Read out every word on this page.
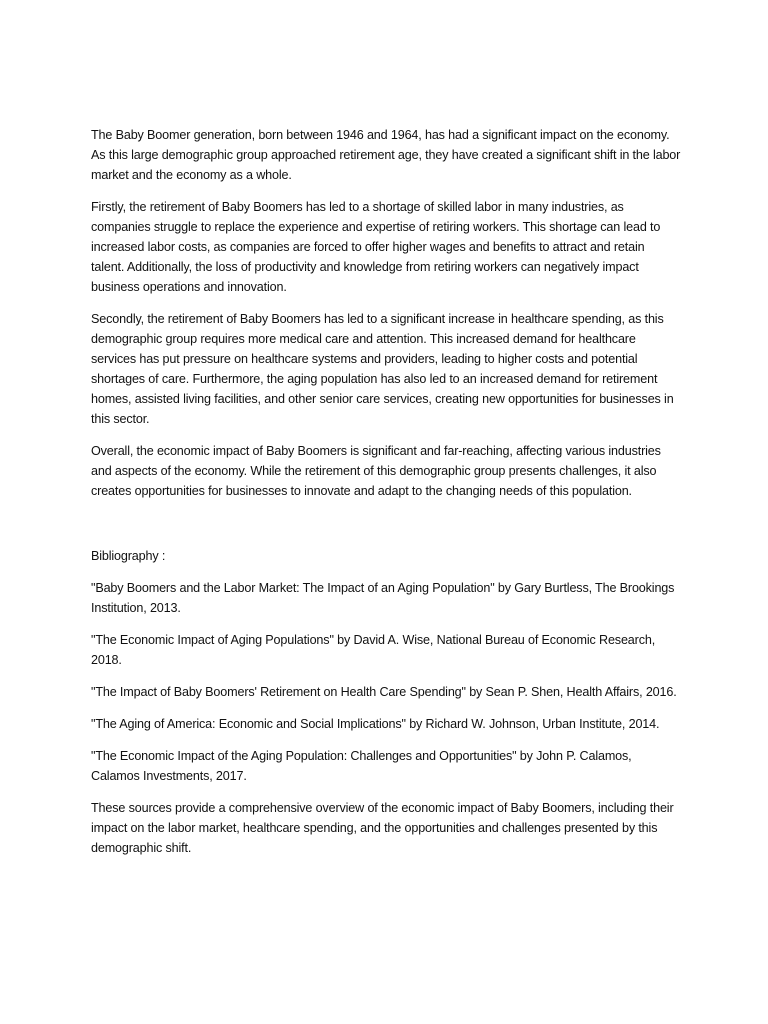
The Baby Boomer generation, born between 1946 and 1964, has had a significant impact on the economy. As this large demographic group approached retirement age, they have created a significant shift in the labor market and the economy as a whole.

Firstly, the retirement of Baby Boomers has led to a shortage of skilled labor in many industries, as companies struggle to replace the experience and expertise of retiring workers. This shortage can lead to increased labor costs, as companies are forced to offer higher wages and benefits to attract and retain talent. Additionally, the loss of productivity and knowledge from retiring workers can negatively impact business operations and innovation.

Secondly, the retirement of Baby Boomers has led to a significant increase in healthcare spending, as this demographic group requires more medical care and attention. This increased demand for healthcare services has put pressure on healthcare systems and providers, leading to higher costs and potential shortages of care. Furthermore, the aging population has also led to an increased demand for retirement homes, assisted living facilities, and other senior care services, creating new opportunities for businesses in this sector.

Overall, the economic impact of Baby Boomers is significant and far-reaching, affecting various industries and aspects of the economy. While the retirement of this demographic group presents challenges, it also creates opportunities for businesses to innovate and adapt to the changing needs of this population.

Bibliography :

"Baby Boomers and the Labor Market: The Impact of an Aging Population" by Gary Burtless, The Brookings Institution, 2013.

"The Economic Impact of Aging Populations" by David A. Wise, National Bureau of Economic Research, 2018.

"The Impact of Baby Boomers' Retirement on Health Care Spending" by Sean P. Shen, Health Affairs, 2016.

"The Aging of America: Economic and Social Implications" by Richard W. Johnson, Urban Institute, 2014.

"The Economic Impact of the Aging Population: Challenges and Opportunities" by John P. Calamos, Calamos Investments, 2017.

These sources provide a comprehensive overview of the economic impact of Baby Boomers, including their impact on the labor market, healthcare spending, and the opportunities and challenges presented by this demographic shift.
